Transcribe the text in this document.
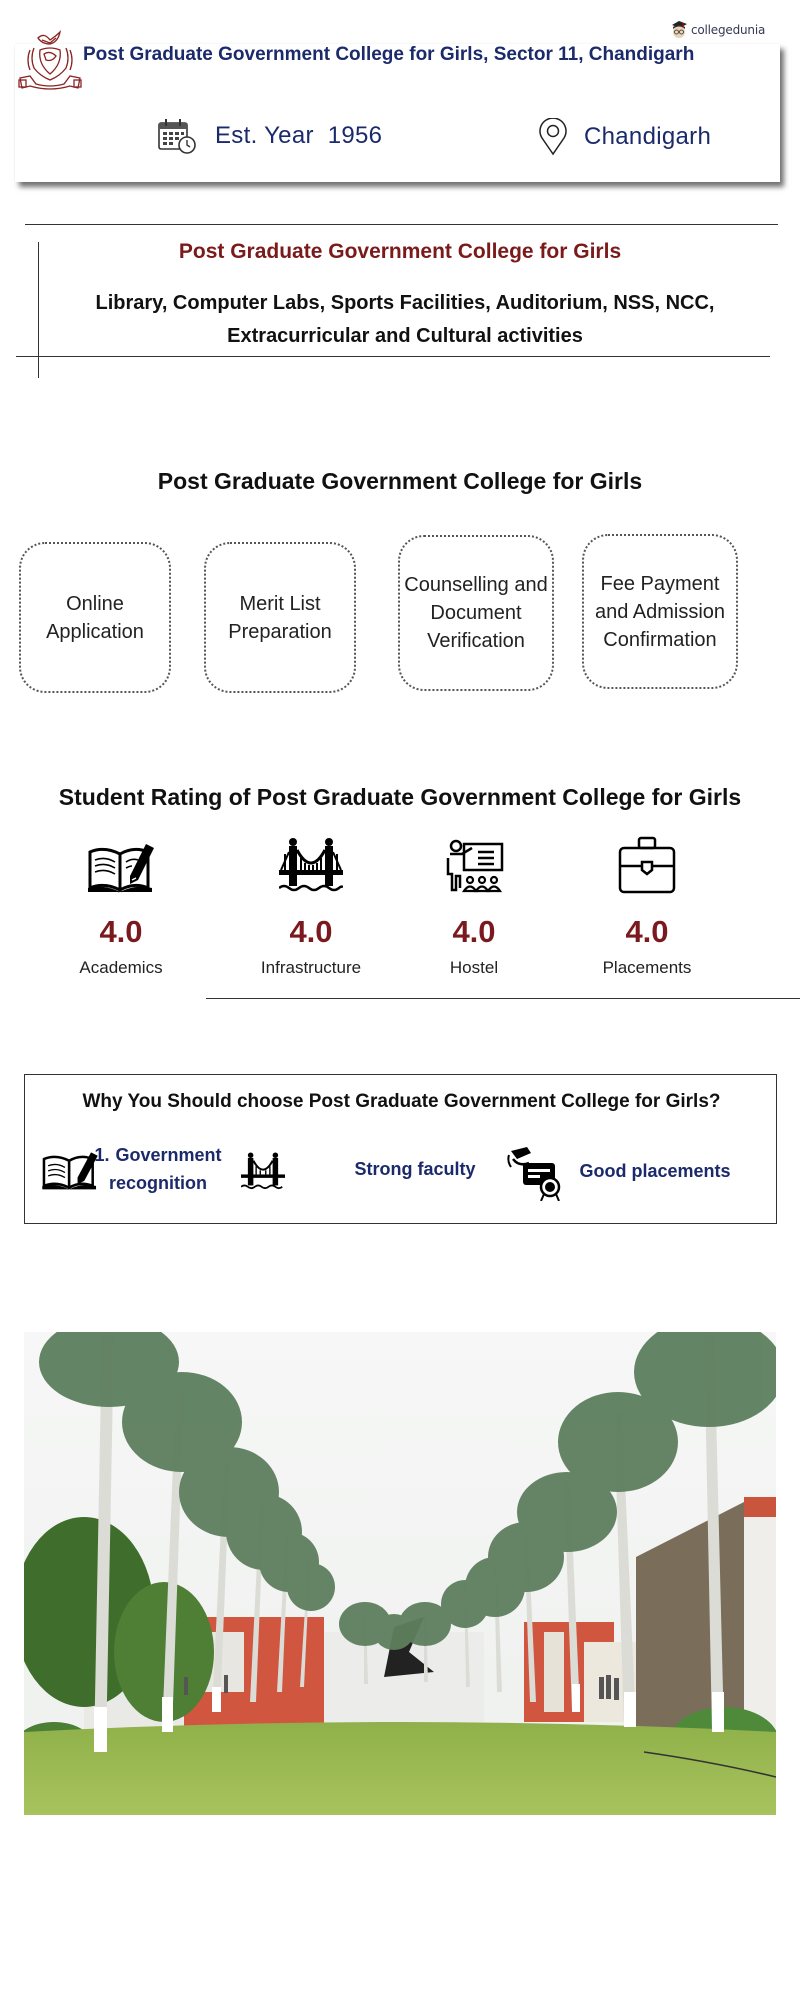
collegedunia
Post Graduate Government College for Girls, Sector 11, Chandigarh
Est. Year 1956	Chandigarh
Post Graduate Government College for Girls
Library, Computer Labs, Sports Facilities, Auditorium, NSS, NCC, Extracurricular and Cultural activities
Post Graduate Government College for Girls
Online Application
Merit List Preparation
Counselling and Document Verification
Fee Payment and Admission Confirmation
Student Rating of Post Graduate Government College for Girls
4.0
Academics
4.0
Infrastructure
4.0
Hostel
4.0
Placements
Why You Should choose Post Graduate Government College for Girls?
1. Government recognition
Strong faculty	Good placements
